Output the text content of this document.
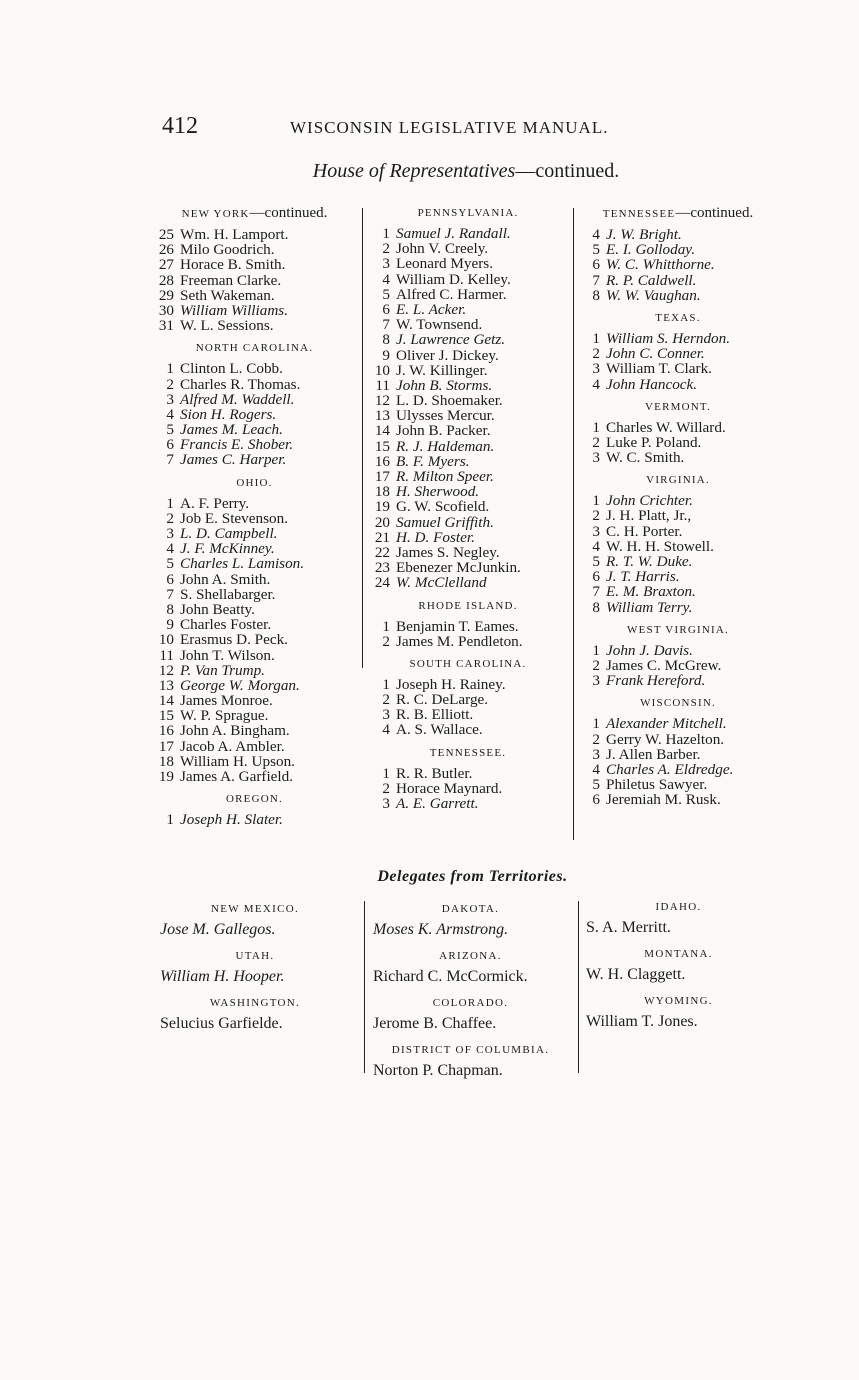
412	WISCONSIN LEGISLATIVE MANUAL.
House of Representatives—continued.
NEW YORK—continued.
25 Wm. H. Lamport.
26 Milo Goodrich.
27 Horace B. Smith.
28 Freeman Clarke.
29 Seth Wakeman.
30 William Williams.
31 W. L. Sessions.
NORTH CAROLINA.
1 Clinton L. Cobb.
2 Charles R. Thomas.
3 Alfred M. Waddell.
4 Sion H. Rogers.
5 James M. Leach.
6 Francis E. Shober.
7 James C. Harper.
OHIO.
1 A. F. Perry.
2 Job E. Stevenson.
3 L. D. Campbell.
4 J. F. McKinney.
5 Charles L. Lamison.
6 John A. Smith.
7 S. Shellabarger.
8 John Beatty.
9 Charles Foster.
10 Erasmus D. Peck.
11 John T. Wilson.
12 P. Van Trump.
13 George W. Morgan.
14 James Monroe.
15 W. P. Sprague.
16 John A. Bingham.
17 Jacob A. Ambler.
18 William H. Upson.
19 James A. Garfield.
OREGON.
1 Joseph H. Slater.
PENNSYLVANIA.
1 Samuel J. Randall.
2 John V. Creely.
3 Leonard Myers.
4 William D. Kelley.
5 Alfred C. Harmer.
6 E. L. Acker.
7 W. Townsend.
8 J. Lawrence Getz.
9 Oliver J. Dickey.
10 J. W. Killinger.
11 John B. Storms.
12 L. D. Shoemaker.
13 Ulysses Mercur.
14 John B. Packer.
15 R. J. Haldeman.
16 B. F. Myers.
17 R. Milton Speer.
18 H. Sherwood.
19 G. W. Scofield.
20 Samuel Griffith.
21 H. D. Foster.
22 James S. Negley.
23 Ebenezer McJunkin.
24 W. McClelland
RHODE ISLAND.
1 Benjamin T. Eames.
2 James M. Pendleton.
SOUTH CAROLINA.
1 Joseph H. Rainey.
2 R. C. DeLarge.
3 R. B. Elliott.
4 A. S. Wallace.
TENNESSEE.
1 R. R. Butler.
2 Horace Maynard.
3 A. E. Garrett.
TENNESSEE—continued.
4 J. W. Bright.
5 E. I. Golloday.
6 W. C. Whitthorne.
7 R. P. Caldwell.
8 W. W. Vaughan.
TEXAS.
1 William S. Herndon.
2 John C. Conner.
3 William T. Clark.
4 John Hancock.
VERMONT.
1 Charles W. Willard.
2 Luke P. Poland.
3 W. C. Smith.
VIRGINIA.
1 John Crichter.
2 J. H. Platt, Jr.,
3 C. H. Porter.
4 W. H. H. Stowell.
5 R. T. W. Duke.
6 J. T. Harris.
7 E. M. Braxton.
8 William Terry.
WEST VIRGINIA.
1 John J. Davis.
2 James C. McGrew.
3 Frank Hereford.
WISCONSIN.
1 Alexander Mitchell.
2 Gerry W. Hazelton.
3 J. Allen Barber.
4 Charles A. Eldredge.
5 Philetus Sawyer.
6 Jeremiah M. Rusk.
Delegates from Territories.
NEW MEXICO.
Jose M. Gallegos.
UTAH.
William H. Hooper.
WASHINGTON.
Selucius Garfielde.
DAKOTA.
Moses K. Armstrong.
ARIZONA.
Richard C. McCormick.
COLORADO.
Jerome B. Chaffee.
DISTRICT OF COLUMBIA.
Norton P. Chapman.
IDAHO.
S. A. Merritt.
MONTANA.
W. H. Claggett.
WYOMING.
William T. Jones.
